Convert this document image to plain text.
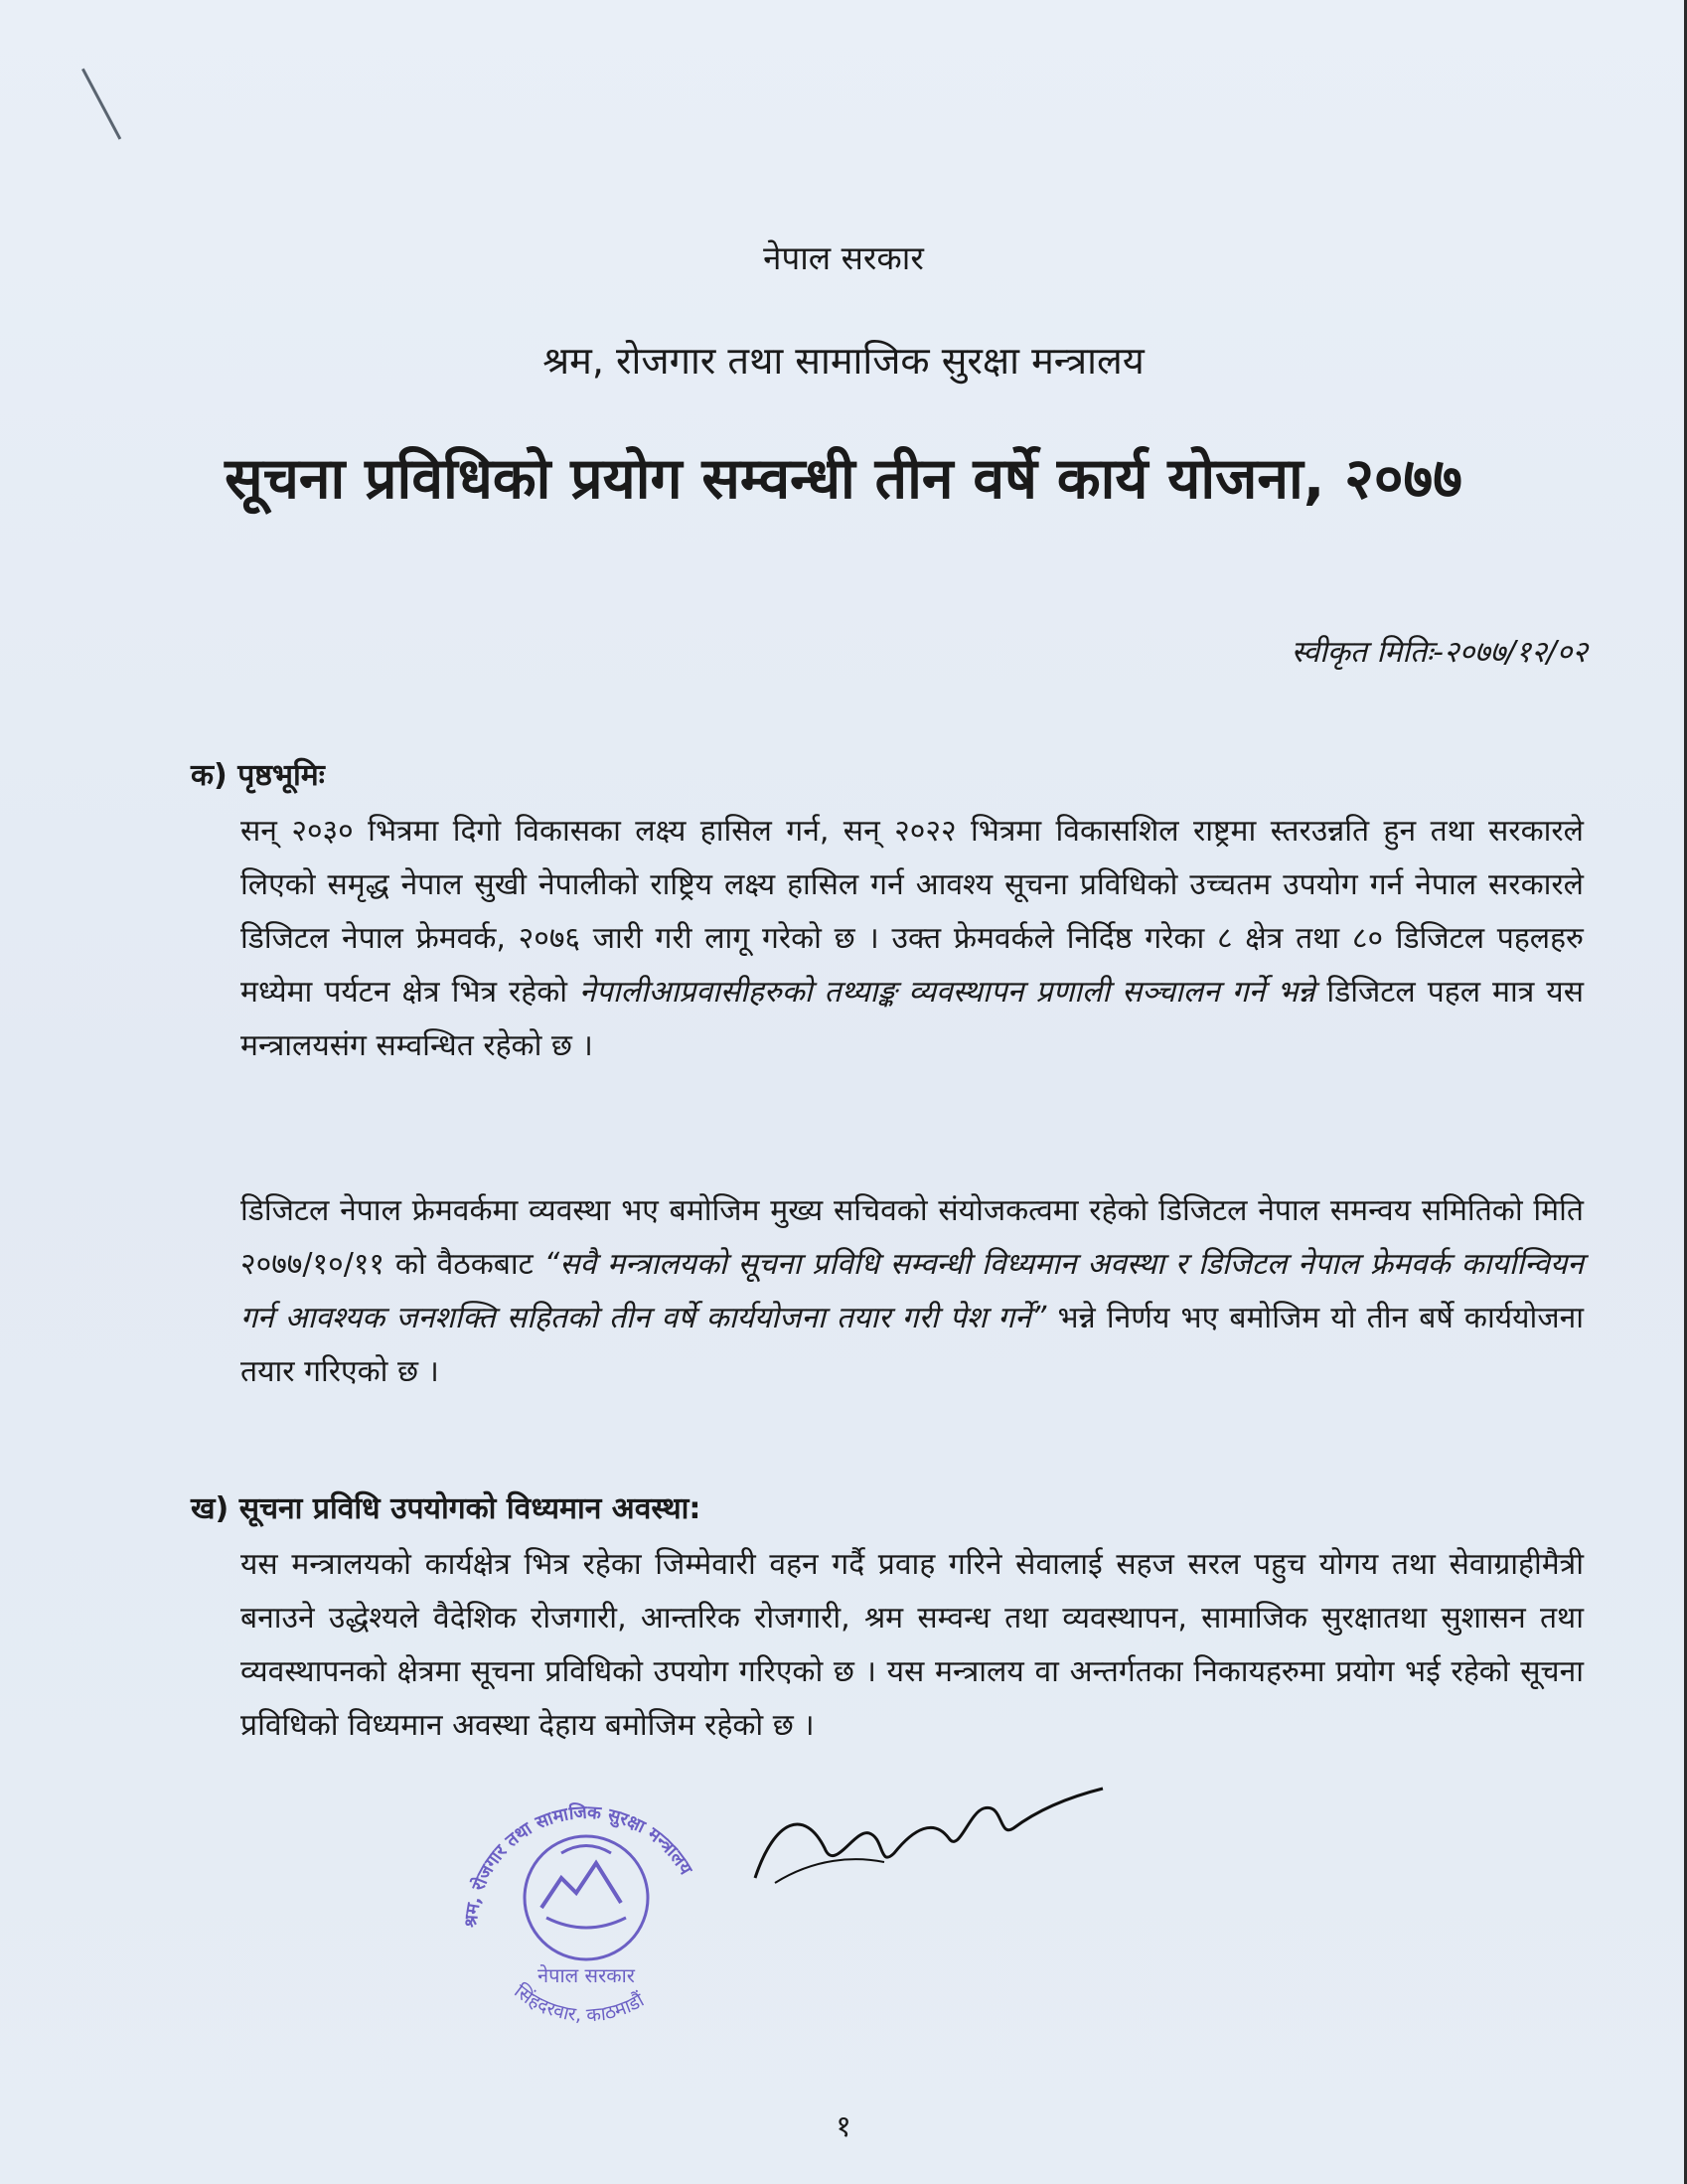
नेपाल सरकार
श्रम, रोजगार तथा सामाजिक सुरक्षा मन्त्रालय
सूचना प्रविधिको प्रयोग सम्वन्धी तीन वर्षे कार्य योजना, २०७७
स्वीकृत मितिः-२०७७/१२/०२
क) पृष्ठभूमिः
सन् २०३० भित्रमा दिगो विकासका लक्ष्य हासिल गर्न, सन् २०२२ भित्रमा विकासशिल राष्ट्रमा स्तरउन्नति हुन तथा सरकारले लिएको समृद्ध नेपाल सुखी नेपालीको राष्ट्रिय लक्ष्य हासिल गर्न आवश्य सूचना प्रविधिको उच्चतम उपयोग गर्न नेपाल सरकारले डिजिटल नेपाल फ्रेमवर्क, २०७६ जारी गरी लागू गरेको छ । उक्त फ्रेमवर्कले निर्दिष्ठ गरेका ८ क्षेत्र तथा ८० डिजिटल पहलहरु मध्येमा पर्यटन क्षेत्र भित्र रहेको नेपालीआप्रवासीहरुको तथ्याङ्क व्यवस्थापन प्रणाली सञ्चालन गर्ने भन्ने डिजिटल पहल मात्र यस मन्त्रालयसंग सम्वन्धित रहेको छ ।
डिजिटल नेपाल फ्रेमवर्कमा व्यवस्था भए बमोजिम मुख्य सचिवको संयोजकत्वमा रहेको डिजिटल नेपाल समन्वय समितिको मिति २०७७/१०/११ को वैठकबाट “सवै मन्त्रालयको सूचना प्रविधि सम्वन्धी विध्यमान अवस्था र डिजिटल नेपाल फ्रेमवर्क कार्यान्वियन गर्न आवश्यक जनशक्ति सहितको तीन वर्षे कार्ययोजना तयार गरी पेश गर्ने” भन्ने निर्णय भए बमोजिम यो तीन बर्षे कार्ययोजना तयार गरिएको छ ।
ख) सूचना प्रविधि उपयोगको विध्यमान अवस्था:
यस मन्त्रालयको कार्यक्षेत्र भित्र रहेका जिम्मेवारी वहन गर्दै प्रवाह गरिने सेवालाई सहज सरल पहुच योगय तथा सेवाग्राहीमैत्री बनाउने उद्धेश्यले वैदेशिक रोजगारी, आन्तरिक रोजगारी, श्रम सम्वन्ध तथा व्यवस्थापन, सामाजिक सुरक्षातथा सुशासन तथा व्यवस्थापनको क्षेत्रमा सूचना प्रविधिको उपयोग गरिएको छ । यस मन्त्रालय वा अन्तर्गतका निकायहरुमा प्रयोग भई रहेको सूचना प्रविधिको विध्यमान अवस्था देहाय बमोजिम रहेको छ ।
श्रम, रोजगार तथा सामाजिक सुरक्षा मन्त्रालय
नेपाल सरकार
सिंहदरवार, काठमाडौं
१
